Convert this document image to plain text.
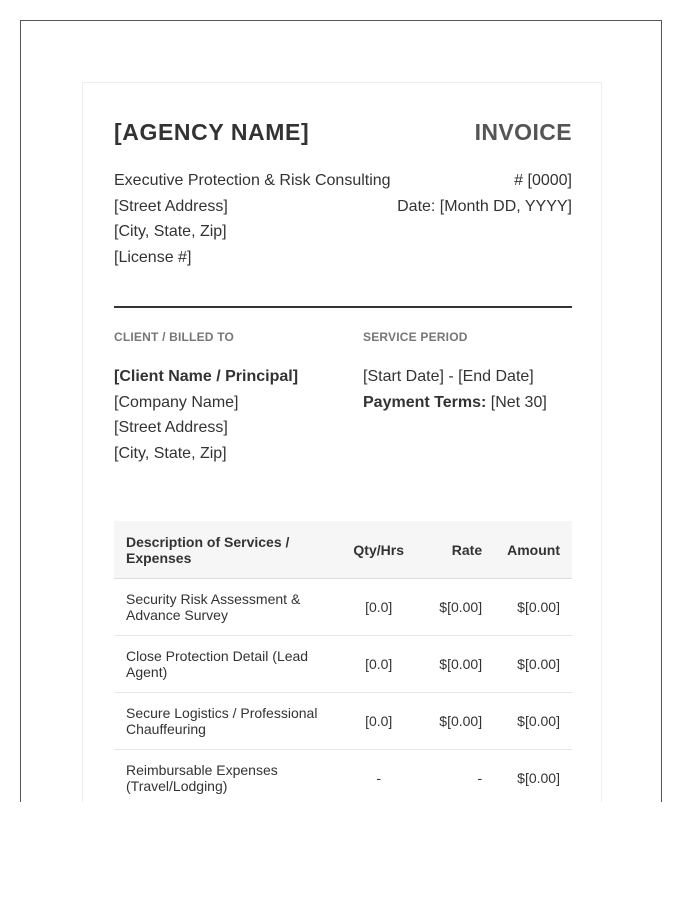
[AGENCY NAME]	INVOICE
Executive Protection & Risk Consulting
[Street Address]
[City, State, Zip]
[License #]
# [0000]
Date: [Month DD, YYYY]
CLIENT / BILLED TO	SERVICE PERIOD
[Client Name / Principal]
[Company Name]
[Street Address]
[City, State, Zip]
[Start Date] - [End Date]
Payment Terms: [Net 30]
Description of Services / Expenses	Qty/Hrs	Rate	Amount
Security Risk Assessment & Advance Survey	[0.0]	$[0.00]	$[0.00]
Close Protection Detail (Lead Agent)	[0.0]	$[0.00]	$[0.00]
Secure Logistics / Professional Chauffeuring	[0.0]	$[0.00]	$[0.00]
Reimbursable Expenses (Travel/Lodging)	-	-	$[0.00]
